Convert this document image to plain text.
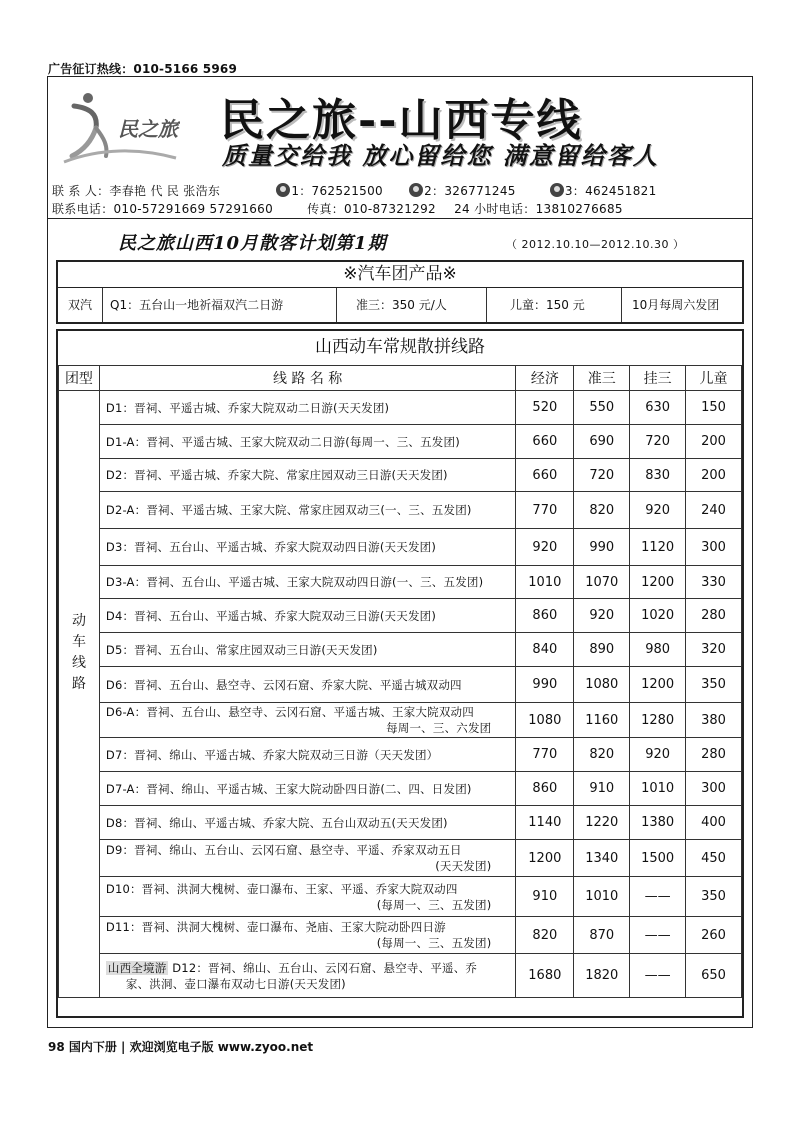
广告征订热线：010-5166 5969
民之旅 民之旅--山西专线
质量交给我 放心留给您 满意留给客人
联 系 人：李春艳 代 民 张浩东	1：762521500	2：326771245	3：462451821
联系电话：010-57291669 57291660	传真：010-87321292 24 小时电话：13810276685
民之旅山西10月散客计划第1期	（ 2012.10.10—2012.10.30 ）
※汽车团产品※
双汽 Q1：五台山一地祈福双汽二日游	准三：350 元/人	儿童：150 元	10月每周六发团
山西动车常规散拼线路
团型	线 路 名 称	经济	准三	挂三	儿童

动
车
线
路	D1：晋祠、平遥古城、乔家大院双动二日游(天天发团)	520	550	630	150
	D1-A：晋祠、平遥古城、王家大院双动二日游(每周一、三、五发团)	660	690	720	200
	D2：晋祠、平遥古城、乔家大院、常家庄园双动三日游(天天发团)	660	720	830	200
	D2-A：晋祠、平遥古城、王家大院、常家庄园双动三(一、三、五发团)	770	820	920	240
	D3：晋祠、五台山、平遥古城、乔家大院双动四日游(天天发团)	920	990	1120	300
	D3-A：晋祠、五台山、平遥古城、王家大院双动四日游(一、三、五发团)	1010	1070	1200	330
	D4：晋祠、五台山、平遥古城、乔家大院双动三日游(天天发团)	860	920	1020	280
	D5：晋祠、五台山、常家庄园双动三日游(天天发团)	840	890	980	320
	D6：晋祠、五台山、悬空寺、云冈石窟、乔家大院、平遥古城双动四	990	1080	1200	350
	D6-A：晋祠、五台山、悬空寺、云冈石窟、平遥古城、王家大院双动四
每周一、三、六发团	1080	1160	1280	380
	D7：晋祠、绵山、平遥古城、乔家大院双动三日游（天天发团）	770	820	920	280
	D7-A：晋祠、绵山、平遥古城、王家大院动卧四日游(二、四、日发团)	860	910	1010	300
	D8：晋祠、绵山、平遥古城、乔家大院、五台山双动五(天天发团)	1140	1220	1380	400
	D9：晋祠、绵山、五台山、云冈石窟、悬空寺、平遥、乔家双动五日
(天天发团)	1200	1340	1500	450
	D10：晋祠、洪洞大槐树、壶口瀑布、王家、平遥、乔家大院双动四
(每周一、三、五发团)	910	1010	——	350
	D11：晋祠、洪洞大槐树、壶口瀑布、尧庙、王家大院动卧四日游
(每周一、三、五发团)	820	870	——	260
	山西全境游 D12：晋祠、绵山、五台山、云冈石窟、悬空寺、平遥、乔
家、洪洞、壶口瀑布双动七日游(天天发团)	1680	1820	——	650
98 国内下册 | 欢迎浏览电子版 www.zyoo.net
